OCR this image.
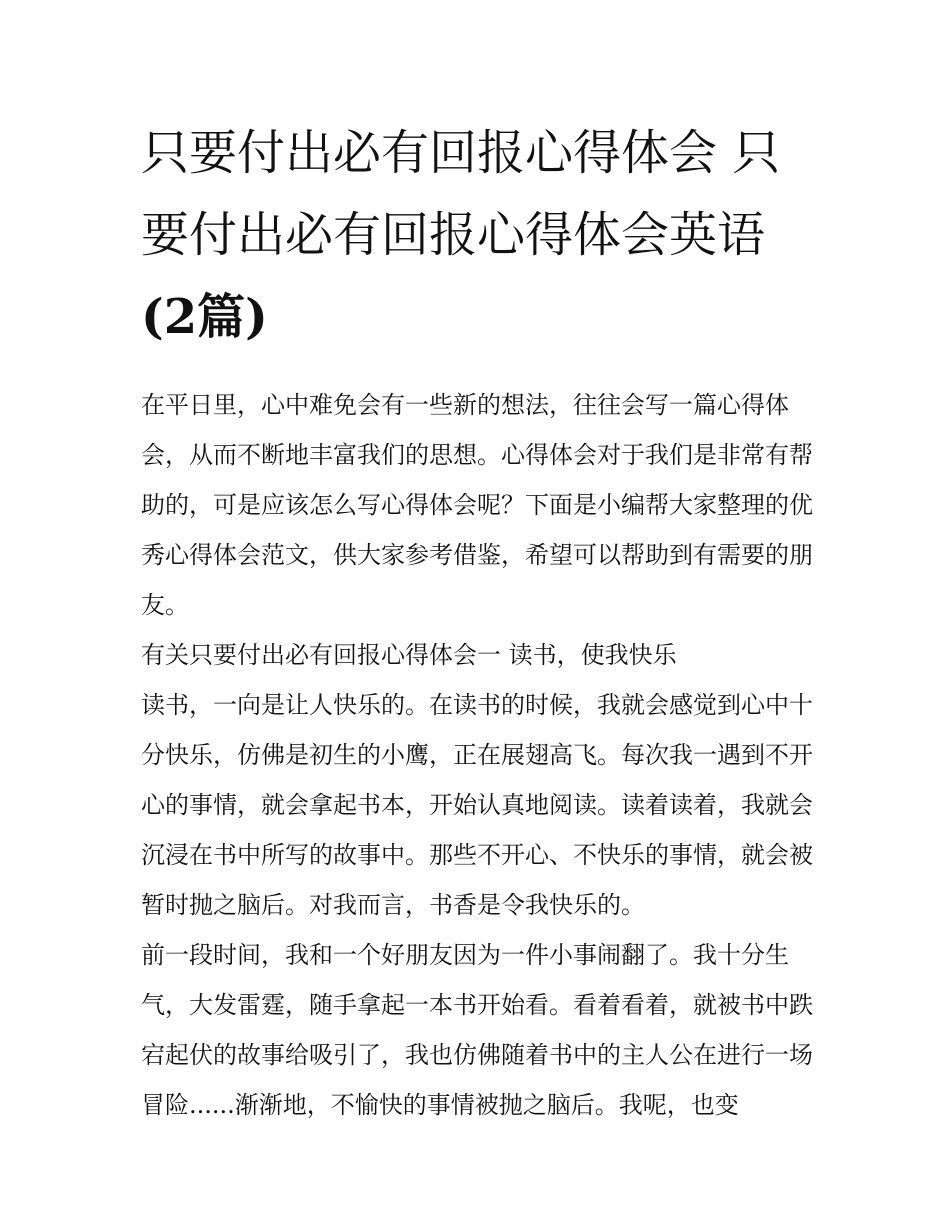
只要付出必有回报心得体会 只要付出必有回报心得体会英语(2篇)

在平日里，心中难免会有一些新的想法，往往会写一篇心得体会，从而不断地丰富我们的思想。心得体会对于我们是非常有帮助的，可是应该怎么写心得体会呢？下面是小编帮大家整理的优秀心得体会范文，供大家参考借鉴，希望可以帮助到有需要的朋友。

有关只要付出必有回报心得体会一 读书，使我快乐

读书，一向是让人快乐的。在读书的时候，我就会感觉到心中十分快乐，仿佛是初生的小鹰，正在展翅高飞。每次我一遇到不开心的事情，就会拿起书本，开始认真地阅读。读着读着，我就会沉浸在书中所写的故事中。那些不开心、不快乐的事情，就会被暂时抛之脑后。对我而言，书香是令我快乐的。

前一段时间，我和一个好朋友因为一件小事闹翻了。我十分生气，大发雷霆，随手拿起一本书开始看。看着看着，就被书中跌宕起伏的故事给吸引了，我也仿佛随着书中的主人公在进行一场冒险......渐渐地，不愉快的事情被抛之脑后。我呢，也变
